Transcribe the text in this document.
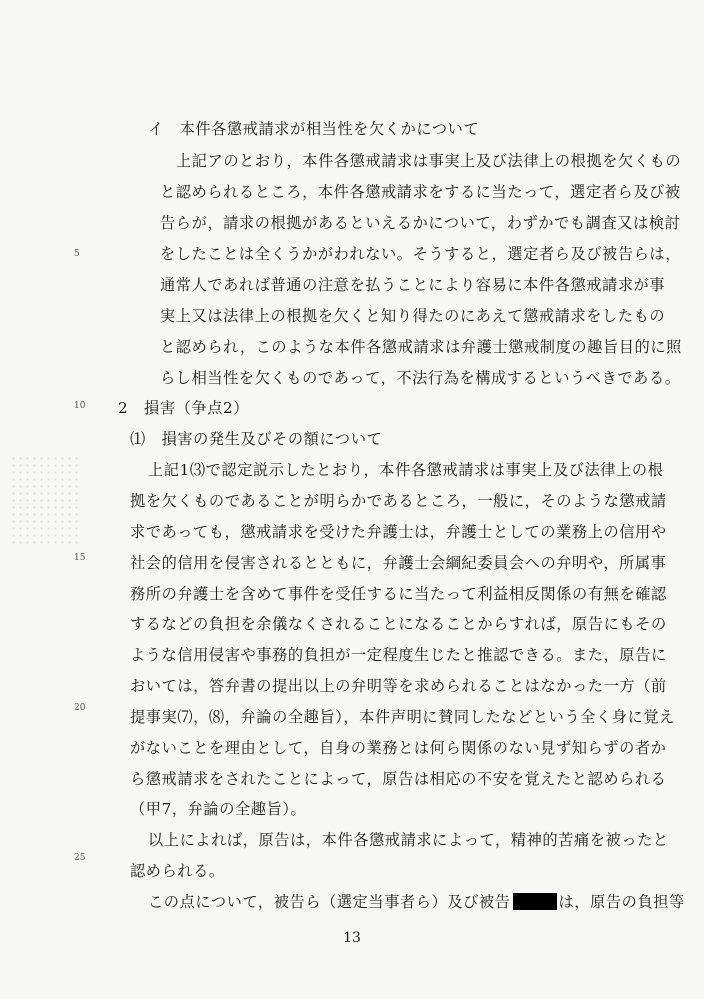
5
10
15
20
25
イ　本件各懲戒請求が相当性を欠くかについて
上記アのとおり，本件各懲戒請求は事実上及び法律上の根拠を欠くもの
と認められるところ，本件各懲戒請求をするに当たって，選定者ら及び被
告らが，請求の根拠があるといえるかについて，わずかでも調査又は検討
をしたことは全くうかがわれない。そうすると，選定者ら及び被告らは，
通常人であれば普通の注意を払うことにより容易に本件各懲戒請求が事
実上又は法律上の根拠を欠くと知り得たのにあえて懲戒請求をしたもの
と認められ，このような本件各懲戒請求は弁護士懲戒制度の趣旨目的に照
らし相当性を欠くものであって，不法行為を構成するというべきである。
2　損害（争点2）
⑴　損害の発生及びその額について
上記1⑶で認定説示したとおり，本件各懲戒請求は事実上及び法律上の根
拠を欠くものであることが明らかであるところ，一般に，そのような懲戒請
求であっても，懲戒請求を受けた弁護士は，弁護士としての業務上の信用や
社会的信用を侵害されるとともに，弁護士会綱紀委員会への弁明や，所属事
務所の弁護士を含めて事件を受任するに当たって利益相反関係の有無を確認
するなどの負担を余儀なくされることになることからすれば，原告にもその
ような信用侵害や事務的負担が一定程度生じたと推認できる。また，原告に
おいては，答弁書の提出以上の弁明等を求められることはなかった一方（前
提事実⑺，⑻，弁論の全趣旨），本件声明に賛同したなどという全く身に覚え
がないことを理由として，自身の業務とは何ら関係のない見ず知らずの者か
ら懲戒請求をされたことによって，原告は相応の不安を覚えたと認められる
（甲7，弁論の全趣旨）。
以上によれば，原告は，本件各懲戒請求によって，精神的苦痛を被ったと
認められる。
この点について，被告ら（選定当事者ら）及び被告	は，原告の負担等
13
